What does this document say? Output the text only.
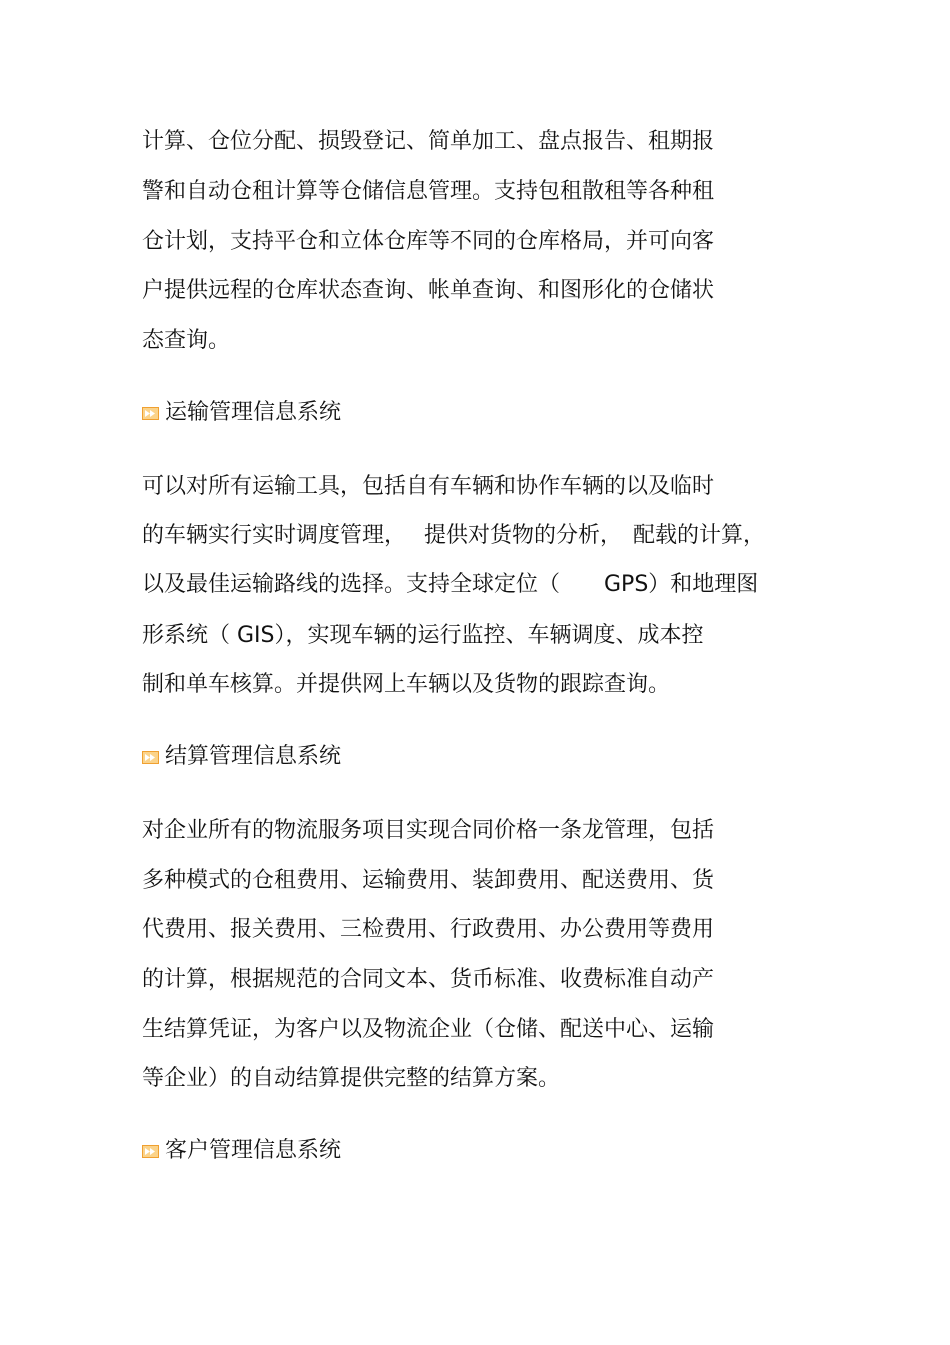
计算、仓位分配、损毁登记、简单加工、盘点报告、租期报
警和自动仓租计算等仓储信息管理。支持包租散租等各种租
仓计划，支持平仓和立体仓库等不同的仓库格局，并可向客
户提供远程的仓库状态查询、帐单查询、和图形化的仓储状
态查询。
运输管理信息系统
可以对所有运输工具，包括自有车辆和协作车辆的以及临时
的车辆实行实时调度管理，　 提供对货物的分析，　配载的计算，
以及最佳运输路线的选择。支持全球定位（　　GPS）和地理图
形系统（ GIS），实现车辆的运行监控、车辆调度、成本控
制和单车核算。并提供网上车辆以及货物的跟踪查询。
结算管理信息系统
对企业所有的物流服务项目实现合同价格一条龙管理，包括
多种模式的仓租费用、运输费用、装卸费用、配送费用、货
代费用、报关费用、三检费用、行政费用、办公费用等费用
的计算，根据规范的合同文本、货币标准、收费标准自动产
生结算凭证，为客户以及物流企业（仓储、配送中心、运输
等企业）的自动结算提供完整的结算方案。
客户管理信息系统
